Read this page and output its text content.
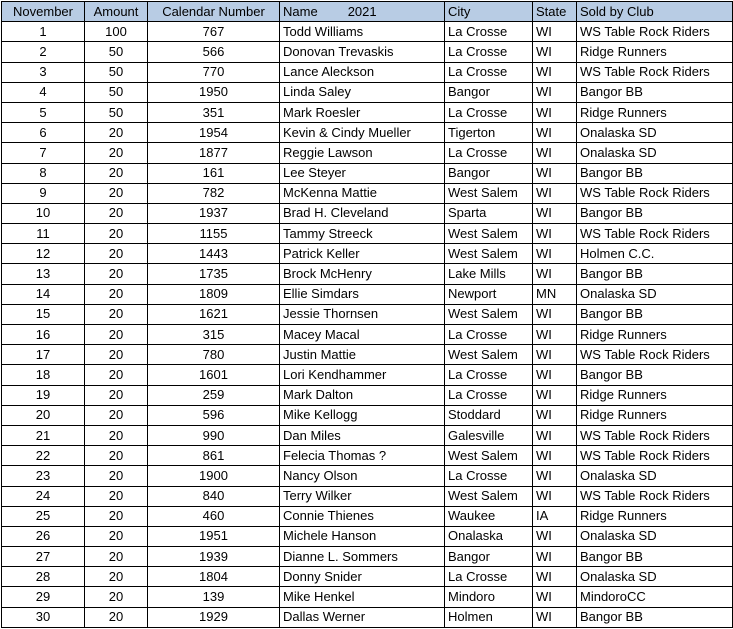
November	Amount	Calendar Number	Name 2021	City	State	Sold by Club
1	100	767	Todd Williams	La Crosse	WI	WS Table Rock Riders
2	50	566	Donovan Trevaskis	La Crosse	WI	Ridge Runners
3	50	770	Lance Aleckson	La Crosse	WI	WS Table Rock Riders
4	50	1950	Linda Saley	Bangor	WI	Bangor BB
5	50	351	Mark Roesler	La Crosse	WI	Ridge Runners
6	20	1954	Kevin & Cindy Mueller	Tigerton	WI	Onalaska SD
7	20	1877	Reggie Lawson	La Crosse	WI	Onalaska SD
8	20	161	Lee Steyer	Bangor	WI	Bangor BB
9	20	782	McKenna Mattie	West Salem	WI	WS Table Rock Riders
10	20	1937	Brad H. Cleveland	Sparta	WI	Bangor BB
11	20	1155	Tammy Streeck	West Salem	WI	WS Table Rock Riders
12	20	1443	Patrick Keller	West Salem	WI	Holmen C.C.
13	20	1735	Brock McHenry	Lake Mills	WI	Bangor BB
14	20	1809	Ellie Simdars	Newport	MN	Onalaska SD
15	20	1621	Jessie Thornsen	West Salem	WI	Bangor BB
16	20	315	Macey Macal	La Crosse	WI	Ridge Runners
17	20	780	Justin Mattie	West Salem	WI	WS Table Rock Riders
18	20	1601	Lori Kendhammer	La Crosse	WI	Bangor BB
19	20	259	Mark Dalton	La Crosse	WI	Ridge Runners
20	20	596	Mike Kellogg	Stoddard	WI	Ridge Runners
21	20	990	Dan Miles	Galesville	WI	WS Table Rock Riders
22	20	861	Felecia Thomas ?	West Salem	WI	WS Table Rock Riders
23	20	1900	Nancy Olson	La Crosse	WI	Onalaska SD
24	20	840	Terry Wilker	West Salem	WI	WS Table Rock Riders
25	20	460	Connie Thienes	Waukee	IA	Ridge Runners
26	20	1951	Michele Hanson	Onalaska	WI	Onalaska SD
27	20	1939	Dianne L. Sommers	Bangor	WI	Bangor BB
28	20	1804	Donny Snider	La Crosse	WI	Onalaska SD
29	20	139	Mike Henkel	Mindoro	WI	MindoroCC
30	20	1929	Dallas Werner	Holmen	WI	Bangor BB
